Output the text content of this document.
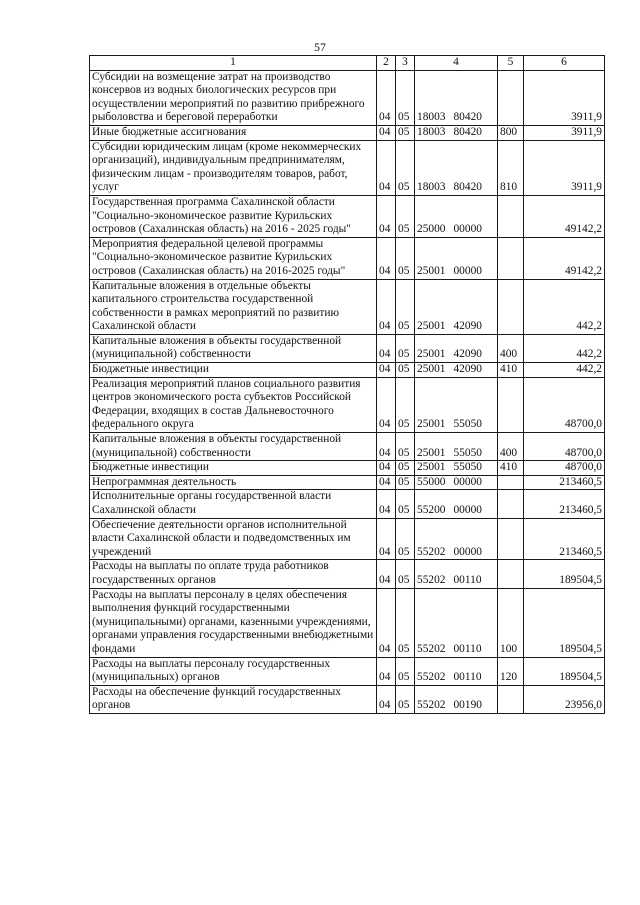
57
1	2	3	4	5	6
Субсидии на возмещение затрат на производство консервов из водных биологических ресурсов при осуществлении мероприятий по развитию прибрежного рыболовства и береговой переработки	04	05	18003 80420		3911,9
Иные бюджетные ассигнования	04	05	18003 80420	800	3911,9
Субсидии юридическим лицам (кроме некоммерческих организаций), индивидуальным предпринимателям, физическим лицам - производителям товаров, работ, услуг	04	05	18003 80420	810	3911,9
Государственная программа Сахалинской области "Социально-экономическое развитие Курильских островов (Сахалинская область) на 2016 - 2025 годы"	04	05	25000 00000		49142,2
Мероприятия федеральной целевой программы "Социально-экономическое развитие Курильских островов (Сахалинская область) на 2016-2025 годы"	04	05	25001 00000		49142,2
Капитальные вложения в отдельные объекты капитального строительства государственной собственности в рамках мероприятий по развитию Сахалинской области	04	05	25001 42090		442,2
Капитальные вложения в объекты государственной (муниципальной) собственности	04	05	25001 42090	400	442,2
Бюджетные инвестиции	04	05	25001 42090	410	442,2
Реализация мероприятий планов социального развития центров экономического роста субъектов Российской Федерации, входящих в состав Дальневосточного федерального округа	04	05	25001 55050		48700,0
Капитальные вложения в объекты государственной (муниципальной) собственности	04	05	25001 55050	400	48700,0
Бюджетные инвестиции	04	05	25001 55050	410	48700,0
Непрограммная деятельность	04	05	55000 00000		213460,5
Исполнительные органы государственной власти Сахалинской области	04	05	55200 00000		213460,5
Обеспечение деятельности органов исполнительной власти Сахалинской области и подведомственных им учреждений	04	05	55202 00000		213460,5
Расходы на выплаты по оплате труда работников государственных органов	04	05	55202 00110		189504,5
Расходы на выплаты персоналу в целях обеспечения выполнения функций государственными (муниципальными) органами, казенными учреждениями, органами управления государственными внебюджетными фондами	04	05	55202 00110	100	189504,5
Расходы на выплаты персоналу государственных (муниципальных) органов	04	05	55202 00110	120	189504,5
Расходы на обеспечение функций государственных органов	04	05	55202 00190		23956,0
